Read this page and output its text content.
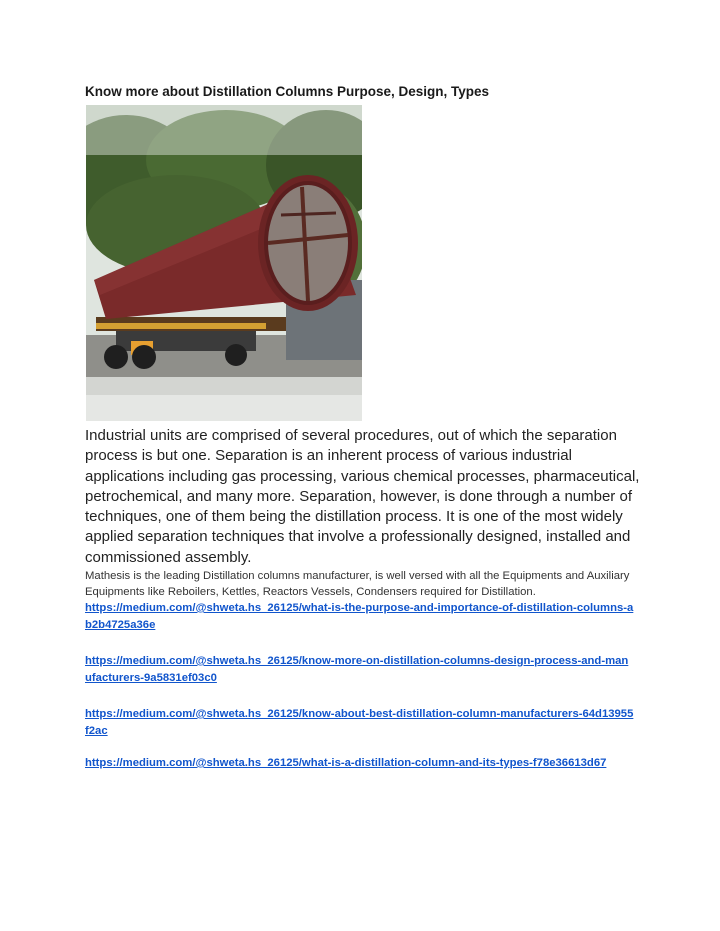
Know more about Distillation Columns Purpose, Design, Types

Industrial units are comprised of several procedures, out of which the separation process is but one. Separation is an inherent process of various industrial applications including gas processing, various chemical processes, pharmaceutical, petrochemical, and many more. Separation, however, is done through a number of techniques, one of them being the distillation process. It is one of the most widely applied separation techniques that involve a professionally designed, installed and commissioned assembly.

Mathesis is the leading Distillation columns manufacturer, is well versed with all the Equipments and Auxiliary Equipments like Reboilers, Kettles, Reactors Vessels, Condensers required for Distillation.

https://medium.com/@shweta.hs_26125/what-is-the-purpose-and-importance-of-distillation-columns-ab2b4725a36e
https://medium.com/@shweta.hs_26125/know-more-on-distillation-columns-design-process-and-manufacturers-9a5831ef03c0
https://medium.com/@shweta.hs_26125/know-about-best-distillation-column-manufacturers-64d13955f2ac
https://medium.com/@shweta.hs_26125/what-is-a-distillation-column-and-its-types-f78e36613d67
